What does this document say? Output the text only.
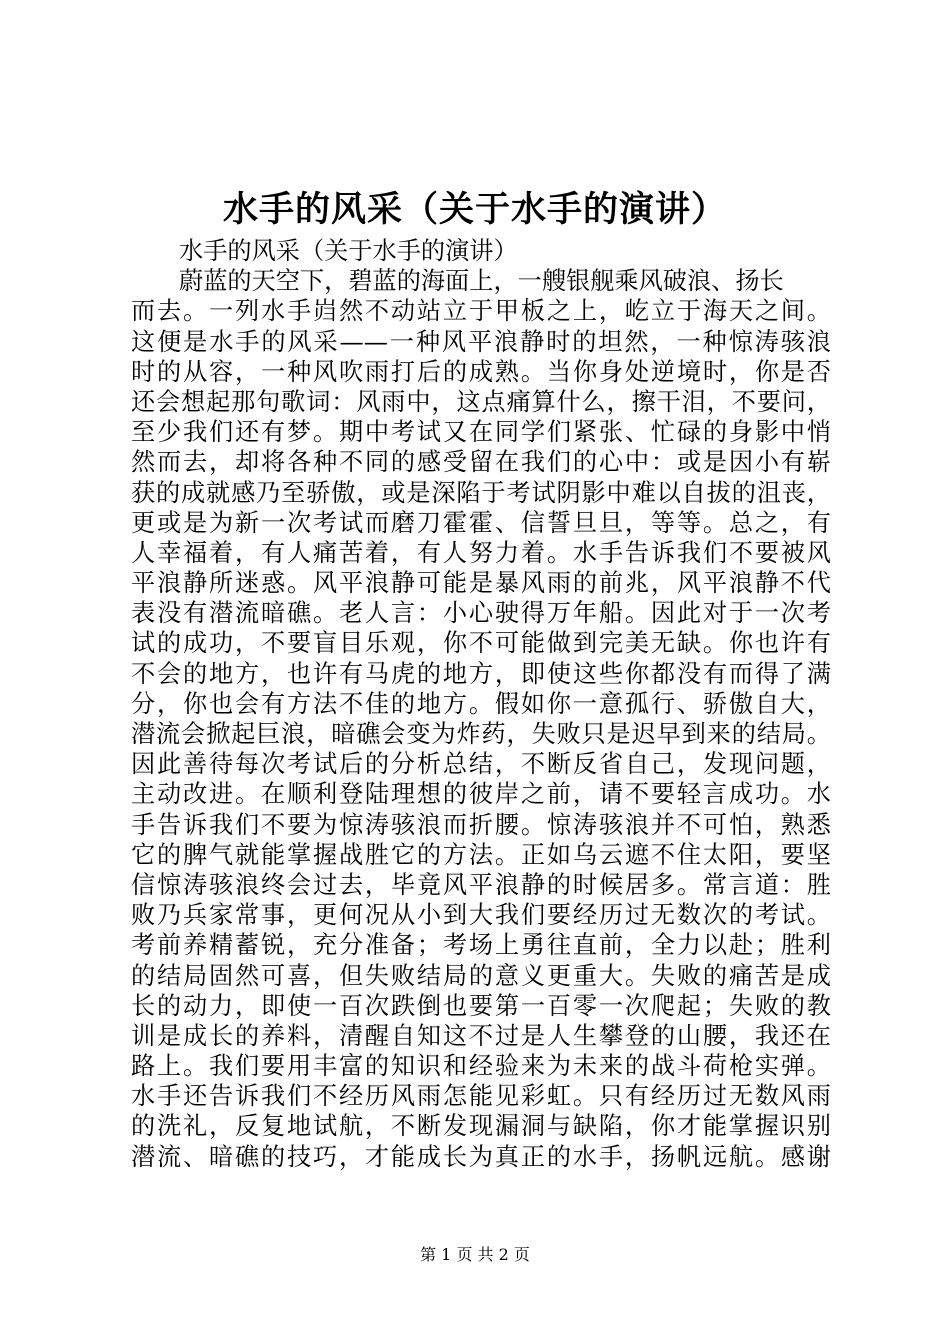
水手的风采（关于水手的演讲）
水手的风采（关于水手的演讲）
蔚蓝的天空下，碧蓝的海面上，一艘银舰乘风破浪、扬长
而去。一列水手岿然不动站立于甲板之上，屹立于海天之间。
这便是水手的风采——一种风平浪静时的坦然，一种惊涛骇浪
时的从容，一种风吹雨打后的成熟。当你身处逆境时，你是否
还会想起那句歌词：风雨中，这点痛算什么，擦干泪，不要问，
至少我们还有梦。期中考试又在同学们紧张、忙碌的身影中悄
然而去，却将各种不同的感受留在我们的心中：或是因小有崭
获的成就感乃至骄傲，或是深陷于考试阴影中难以自拔的沮丧，
更或是为新一次考试而磨刀霍霍、信誓旦旦，等等。总之，有
人幸福着，有人痛苦着，有人努力着。水手告诉我们不要被风
平浪静所迷惑。风平浪静可能是暴风雨的前兆，风平浪静不代
表没有潜流暗礁。老人言：小心驶得万年船。因此对于一次考
试的成功，不要盲目乐观，你不可能做到完美无缺。你也许有
不会的地方，也许有马虎的地方，即使这些你都没有而得了满
分，你也会有方法不佳的地方。假如你一意孤行、骄傲自大，
潜流会掀起巨浪，暗礁会变为炸药，失败只是迟早到来的结局。
因此善待每次考试后的分析总结，不断反省自己，发现问题，
主动改进。在顺利登陆理想的彼岸之前，请不要轻言成功。水
手告诉我们不要为惊涛骇浪而折腰。惊涛骇浪并不可怕，熟悉
它的脾气就能掌握战胜它的方法。正如乌云遮不住太阳，要坚
信惊涛骇浪终会过去，毕竟风平浪静的时候居多。常言道：胜
败乃兵家常事，更何况从小到大我们要经历过无数次的考试。
考前养精蓄锐，充分准备；考场上勇往直前，全力以赴；胜利
的结局固然可喜，但失败结局的意义更重大。失败的痛苦是成
长的动力，即使一百次跌倒也要第一百零一次爬起；失败的教
训是成长的养料，清醒自知这不过是人生攀登的山腰，我还在
路上。我们要用丰富的知识和经验来为未来的战斗荷枪实弹。
水手还告诉我们不经历风雨怎能见彩虹。只有经历过无数风雨
的洗礼，反复地试航，不断发现漏洞与缺陷，你才能掌握识别
潜流、暗礁的技巧，才能成长为真正的水手，扬帆远航。感谢
第 1 页 共 2 页
